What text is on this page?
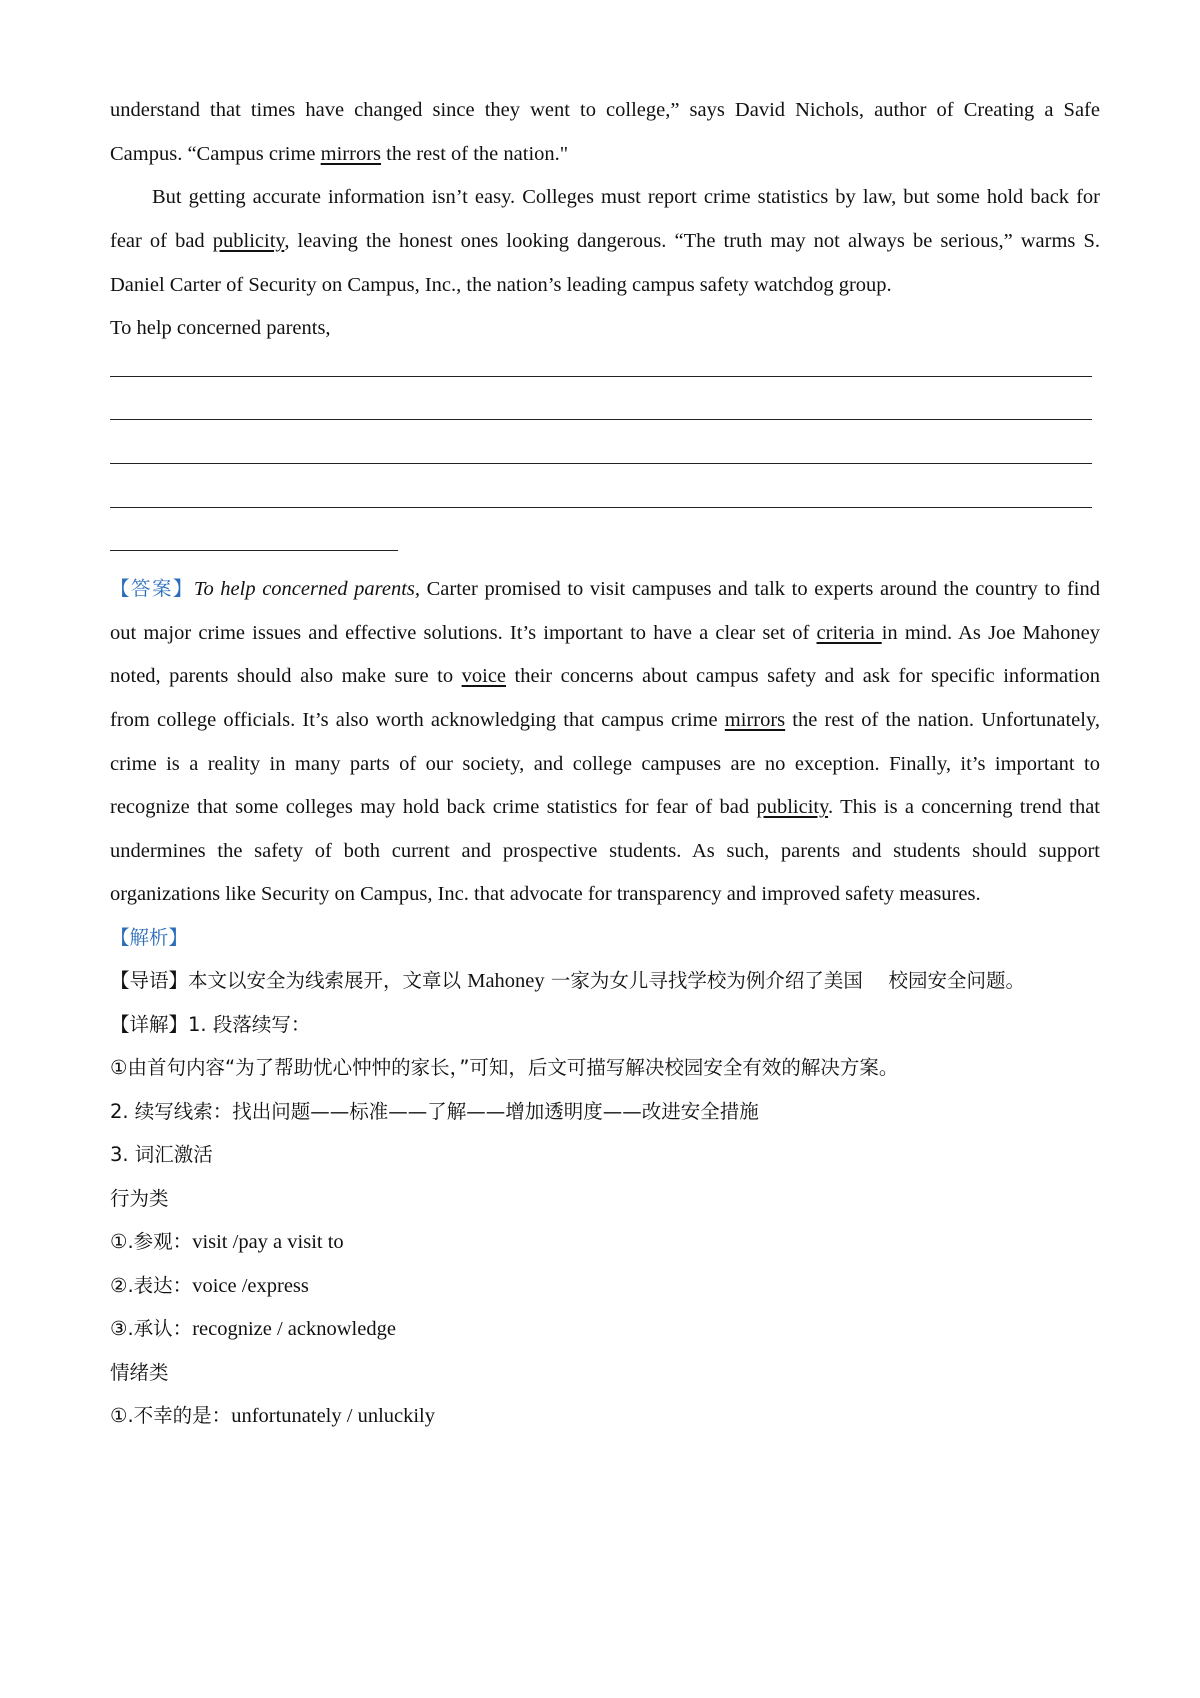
understand that times have changed since they went to college,” says David Nichols, author of Creating a Safe
Campus. “Campus crime mirrors the rest of the nation."
But getting accurate information isn’t easy. Colleges must report crime statistics by law, but some hold back for
fear of bad publicity, leaving the honest ones looking dangerous. “The truth may not always be serious,” warms S.
Daniel Carter of Security on Campus, Inc., the nation’s leading campus safety watchdog group.
To help concerned parents,
【答案】To help concerned parents, Carter promised to visit campuses and talk to experts around the country to find
out major crime issues and effective solutions. It’s important to have a clear set of criteria in mind. As Joe Mahoney
noted, parents should also make sure to voice their concerns about campus safety and ask for specific information
from college officials. It’s also worth acknowledging that campus crime mirrors the rest of the nation. Unfortunately,
crime is a reality in many parts of our society, and college campuses are no exception. Finally, it’s important to
recognize that some colleges may hold back crime statistics for fear of bad publicity. This is a concerning trend that
undermines the safety of both current and prospective students. As such, parents and students should support
organizations like Security on Campus, Inc. that advocate for transparency and improved safety measures.
【解析】
【导语】本文以安全为线索展开，文章以 Mahoney 一家为女儿寻找学校为例介绍了美国　 校园安全问题。
【详解】1. 段落续写：
①由首句内容“为了帮助忧心忡忡的家长，”可知，后文可描写解决校园安全有效的解决方案。
2. 续写线索：找出问题——标准——了解——增加透明度——改进安全措施
3. 词汇激活
行为类
①.参观：visit /pay a visit to
②.表达：voice /express
③.承认：recognize / acknowledge
情绪类
①.不幸的是：unfortunately / unluckily
